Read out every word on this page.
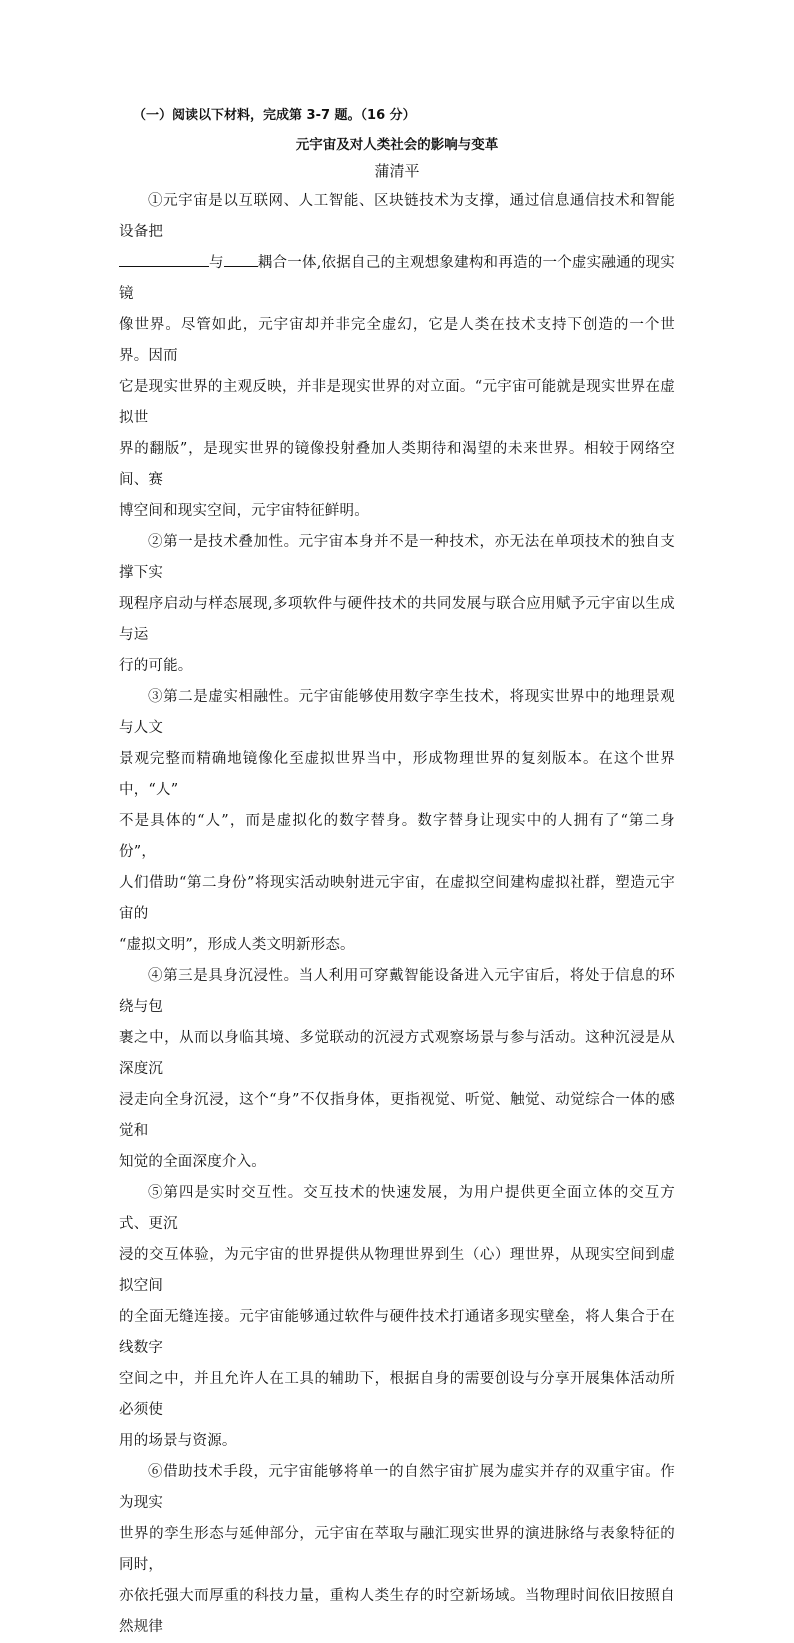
（一）阅读以下材料，完成第 3-7 题。（16 分）
元宇宙及对人类社会的影响与变革
蒲清平

①元宇宙是以互联网、人工智能、区块链技术为支撑，通过信息通信技术和智能设备把
与 耦合一体,依据自己的主观想象建构和再造的一个虚实融通的现实镜
像世界。尽管如此，元宇宙却并非完全虚幻，它是人类在技术支持下创造的一个世界。因而
它是现实世界的主观反映，并非是现实世界的对立面。“元宇宙可能就是现实世界在虚拟世
界的翻版”，是现实世界的镜像投射叠加人类期待和渴望的未来世界。相较于网络空间、赛
博空间和现实空间，元宇宙特征鲜明。

②第一是技术叠加性。元宇宙本身并不是一种技术，亦无法在单项技术的独自支撑下实
现程序启动与样态展现,多项软件与硬件技术的共同发展与联合应用赋予元宇宙以生成与运
行的可能。

③第二是虚实相融性。元宇宙能够使用数字孪生技术，将现实世界中的地理景观与人文
景观完整而精确地镜像化至虚拟世界当中，形成物理世界的复刻版本。在这个世界中，“人”
不是具体的“人”，而是虚拟化的数字替身。数字替身让现实中的人拥有了“第二身份”，
人们借助“第二身份”将现实活动映射进元宇宙，在虚拟空间建构虚拟社群，塑造元宇宙的
“虚拟文明”，形成人类文明新形态。

④第三是具身沉浸性。当人利用可穿戴智能设备进入元宇宙后，将处于信息的环绕与包
裹之中，从而以身临其境、多觉联动的沉浸方式观察场景与参与活动。这种沉浸是从深度沉
浸走向全身沉浸，这个“身”不仅指身体，更指视觉、听觉、触觉、动觉综合一体的感觉和
知觉的全面深度介入。

⑤第四是实时交互性。交互技术的快速发展，为用户提供更全面立体的交互方式、更沉
浸的交互体验，为元宇宙的世界提供从物理世界到生（心）理世界，从现实空间到虚拟空间
的全面无缝连接。元宇宙能够通过软件与硬件技术打通诸多现实壁垒，将人集合于在线数字
空间之中，并且允许人在工具的辅助下，根据自身的需要创设与分享开展集体活动所必须使
用的场景与资源。

⑥借助技术手段，元宇宙能够将单一的自然宇宙扩展为虚实并存的双重宇宙。作为现实
世界的孪生形态与延伸部分，元宇宙在萃取与融汇现实世界的演进脉络与表象特征的同时，
亦依托强大而厚重的科技力量，重构人类生存的时空新场域。当物理时间依旧按照自然规律
